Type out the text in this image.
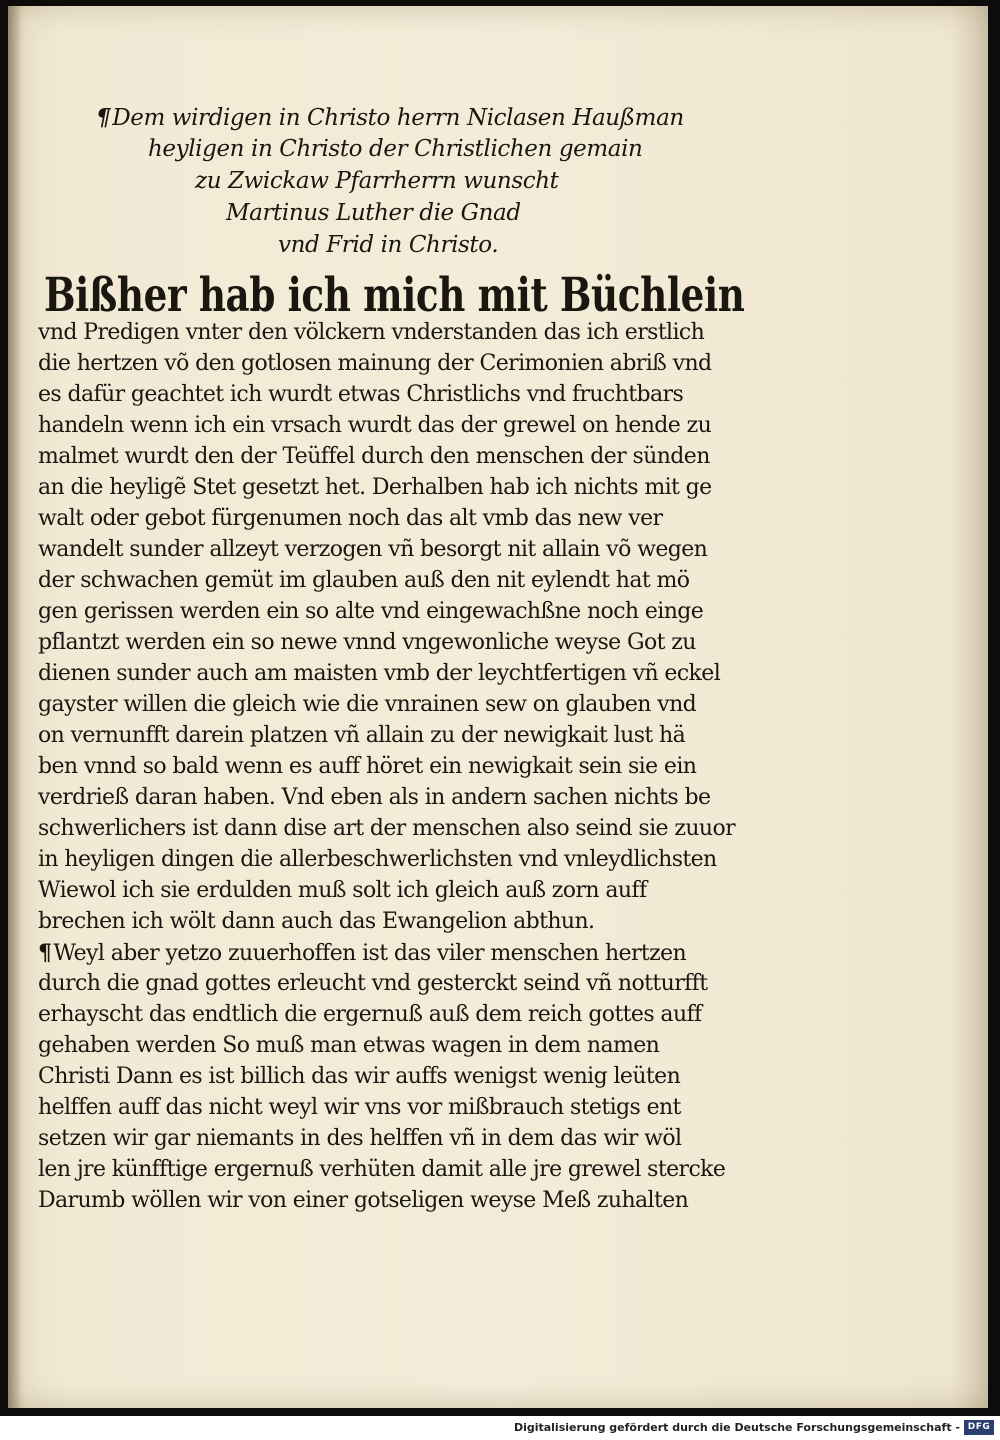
¶Dem wirdigen in Christo herrn Niclasen Haußman
heyligen in Christo der Christlichen gemain
zu Zwickaw Pfarrherrn wunscht
Martinus Luther die Gnad
vnd Frid in Christo.
Bißher hab ich mich mit Büchlein
vnd Predigen vnter den völckern vnderstanden das ich erstlich
die hertzen võ den gotlosen mainung der Cerimonien abriß vnd
es dafür geachtet ich wurdt etwas Christlichs vnd fruchtbars
handeln wenn ich ein vrsach wurdt das der grewel on hende zu
malmet wurdt den der Teüffel durch den menschen der sünden
an die heyligẽ Stet gesetzt het. Derhalben hab ich nichts mit ge
walt oder gebot fürgenumen noch das alt vmb das new ver
wandelt sunder allzeyt verzogen vñ besorgt nit allain võ wegen
der schwachen gemüt im glauben auß den nit eylendt hat mö
gen gerissen werden ein so alte vnd eingewachßne noch einge
pflantzt werden ein so newe vnnd vngewonliche weyse Got zu
dienen sunder auch am maisten vmb der leychtfertigen vñ eckel
gayster willen die gleich wie die vnrainen sew on glauben vnd
on vernunfft darein platzen vñ allain zu der newigkait lust hä
ben vnnd so bald wenn es auff höret ein newigkait sein sie ein
verdrieß daran haben. Vnd eben als in andern sachen nichts be
schwerlichers ist dann dise art der menschen also seind sie zuuor
in heyligen dingen die allerbeschwerlichsten vnd vnleydlichsten
Wiewol ich sie erdulden muß solt ich gleich auß zorn auff
brechen ich wölt dann auch das Ewangelion abthun.
¶Weyl aber yetzo zuuerhoffen ist das viler menschen hertzen
durch die gnad gottes erleucht vnd gesterckt seind vñ notturfft
erhayscht das endtlich die ergernuß auß dem reich gottes auff
gehaben werden So muß man etwas wagen in dem namen
Christi Dann es ist billich das wir auffs wenigst wenig leüten
helffen auff das nicht weyl wir vns vor mißbrauch stetigs ent
setzen wir gar niemants in des helffen vñ in dem das wir wöl
len jre künfftige ergernuß verhüten damit alle jre grewel stercke
Darumb wöllen wir von einer gotseligen weyse Meß zuhalten
Digitalisierung gefördert durch die Deutsche Forschungsgemeinschaft - DFG
